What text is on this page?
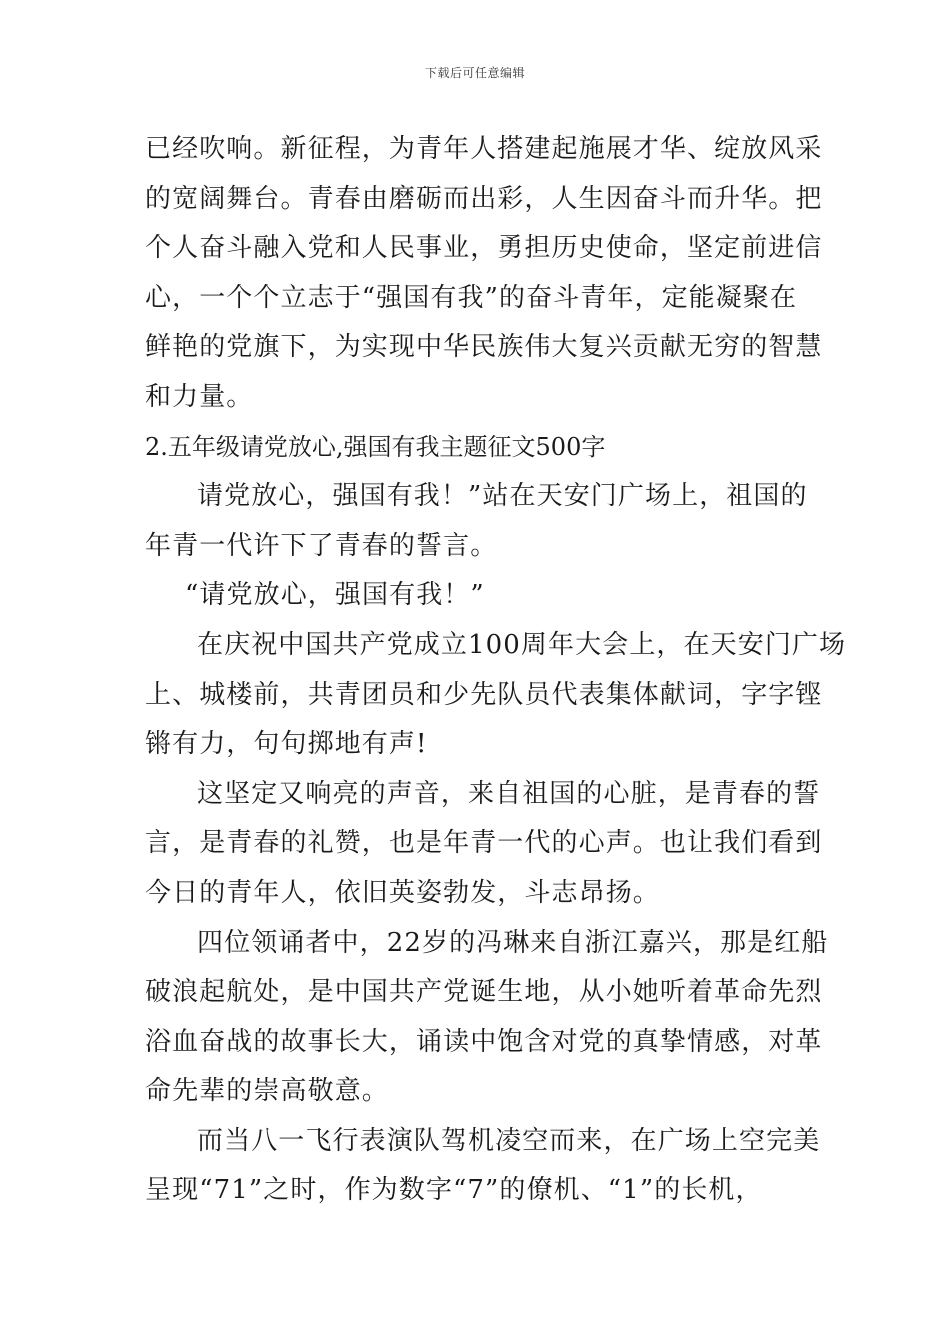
下载后可任意编辑
已经吹响。新征程，为青年人搭建起施展才华、绽放风采
的宽阔舞台。青春由磨砺而出彩，人生因奋斗而升华。把
个人奋斗融入党和人民事业，勇担历史使命，坚定前进信
心，一个个立志于“强国有我”的奋斗青年，定能凝聚在
鲜艳的党旗下，为实现中华民族伟大复兴贡献无穷的智慧
和力量。
2.五年级请党放心,强国有我主题征文500字
请党放心，强国有我！”站在天安门广场上，祖国的
年青一代许下了青春的誓言。
“请党放心，强国有我！”
在庆祝中国共产党成立100周年大会上，在天安门广场
上、城楼前，共青团员和少先队员代表集体献词，字字铿
锵有力，句句掷地有声!
这坚定又响亮的声音，来自祖国的心脏，是青春的誓
言，是青春的礼赞，也是年青一代的心声。也让我们看到
今日的青年人，依旧英姿勃发，斗志昂扬。
四位领诵者中，22岁的冯琳来自浙江嘉兴，那是红船
破浪起航处，是中国共产党诞生地，从小她听着革命先烈
浴血奋战的故事长大，诵读中饱含对党的真挚情感，对革
命先辈的崇高敬意。
而当八一飞行表演队驾机凌空而来，在广场上空完美
呈现“71”之时，作为数字“7”的僚机、“1”的长机，
